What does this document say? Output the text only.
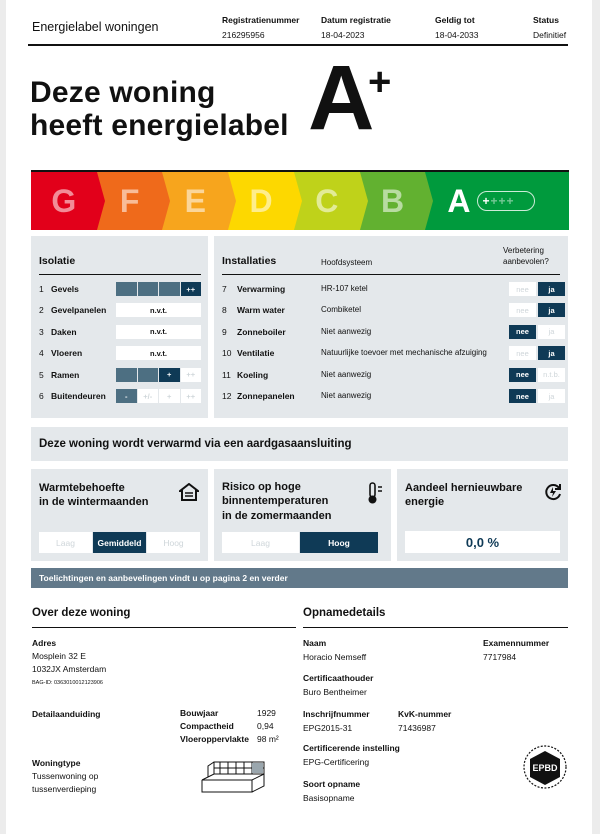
Energielabel woningen	Registratienummer
216295956
Datum registratie
18-04-2023
Geldig tot
18-04-2033
Status
Definitief
Deze woning
heeft energielabel A
+
G F E D C B A + +++
Isolatie
1 Gevels	++
2 Gevelpanelen	n.v.t.
3 Daken	n.v.t.
4 Vloeren	n.v.t.
5 Ramen	+	++
6 Buitendeuren	-	+/-	+	++
Installaties	Hoofdsysteem
Verbetering aanbevolen?
7 Verwarming	HR-107 ketel	nee	ja
8 Warm water	Combiketel	nee	ja
9 Zonneboiler	Niet aanwezig	nee	ja
10 Ventilatie	Natuurlijke toevoer met mechanische afzuiging	nee	ja
11 Koeling	Niet aanwezig	nee	n.t.b.
12 Zonnepanelen	Niet aanwezig	nee	ja
Deze woning wordt verwarmd via een aardgasaansluiting
Warmtebehoefte
in de wintermaanden
Laag	Gemiddeld	Hoog
Risico op hoge
binnentemperaturen
in de zomermaanden
Laag	Hoog
Aandeel hernieuwbare
energie
0,0 %
Toelichtingen en aanbevelingen vindt u op pagina 2 en verder
Over deze woning
Adres
Mosplein 32 E
1032JX Amsterdam
BAG-ID: 0363010012123906
Detailaanduiding	Bouwjaar	1929
Compactheid	0,94
Vloeroppervlakte 98 m²
Woningtype
Tussenwoning op
tussenverdieping
Opnamedetails
Naam
Horacio Nemseff
Examennummer
7717984
Certificaathouder
Buro Bentheimer
Inschrijfnummer
EPG2015-31
KvK-nummer
71436987
Certificerende instelling
EPG-Certificering
Soort opname
Basisopname
EPBD
